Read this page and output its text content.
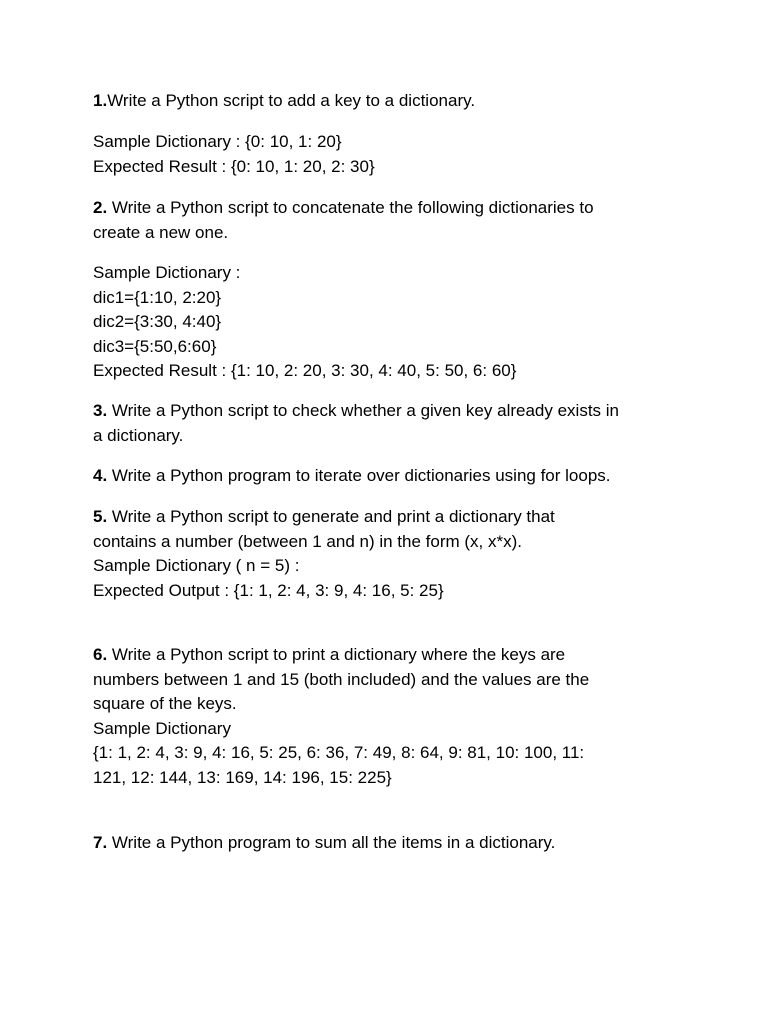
1.Write a Python script to add a key to a dictionary.
Sample Dictionary : {0: 10, 1: 20}
Expected Result : {0: 10, 1: 20, 2: 30}
2. Write a Python script to concatenate the following dictionaries to
create a new one.
Sample Dictionary :
dic1={1:10, 2:20}
dic2={3:30, 4:40}
dic3={5:50,6:60}
Expected Result : {1: 10, 2: 20, 3: 30, 4: 40, 5: 50, 6: 60}
3. Write a Python script to check whether a given key already exists in
a dictionary.
4. Write a Python program to iterate over dictionaries using for loops.
5. Write a Python script to generate and print a dictionary that
contains a number (between 1 and n) in the form (x, x*x).
Sample Dictionary ( n = 5) :
Expected Output : {1: 1, 2: 4, 3: 9, 4: 16, 5: 25}
6. Write a Python script to print a dictionary where the keys are
numbers between 1 and 15 (both included) and the values are the
square of the keys.
Sample Dictionary
{1: 1, 2: 4, 3: 9, 4: 16, 5: 25, 6: 36, 7: 49, 8: 64, 9: 81, 10: 100, 11:
121, 12: 144, 13: 169, 14: 196, 15: 225}
7. Write a Python program to sum all the items in a dictionary.
